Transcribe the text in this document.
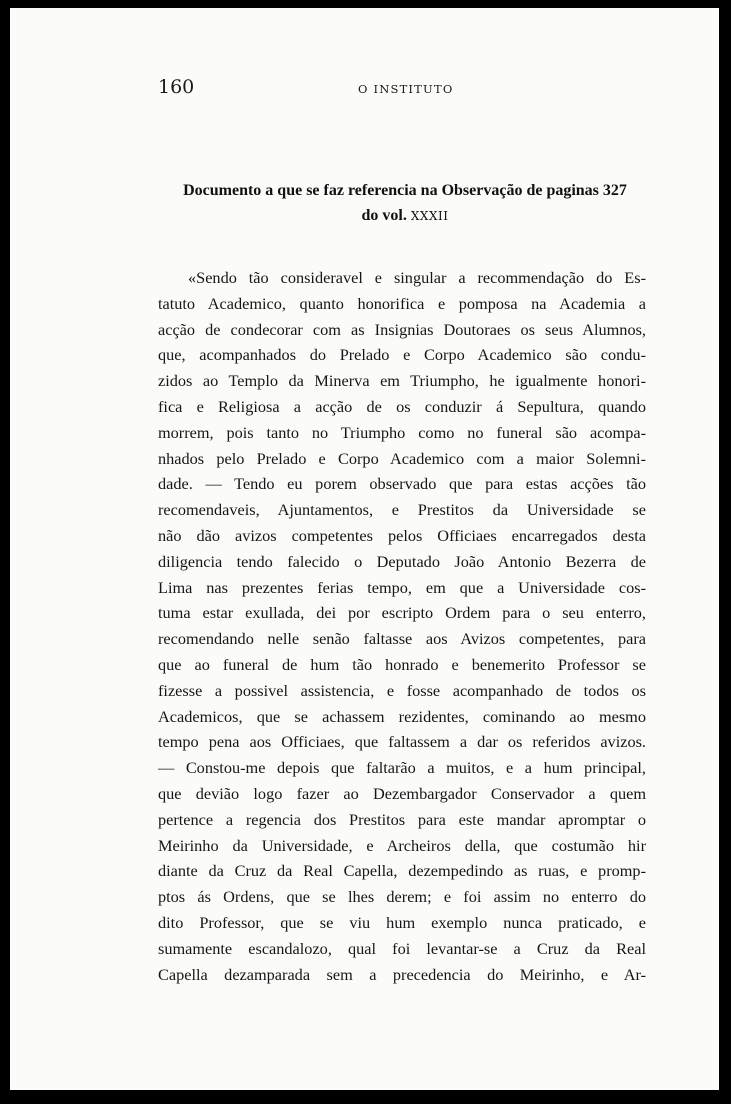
160	O INSTITUTO
Documento a que se faz referencia na Observação de paginas 327
do vol. XXXII
«Sendo tão consideravel e singular a recommendação do Es-
tatuto Academico, quanto honorifica e pomposa na Academia a
acção de condecorar com as Insignias Doutoraes os seus Alumnos,
que, acompanhados do Prelado e Corpo Academico são condu-
zidos ao Templo da Minerva em Triumpho, he igualmente honori-
fica e Religiosa a acção de os conduzir á Sepultura, quando
morrem, pois tanto no Triumpho como no funeral são acompa-
nhados pelo Prelado e Corpo Academico com a maior Solemni-
dade. — Tendo eu porem observado que para estas acções tão
recomendaveis, Ajuntamentos, e Prestitos da Universidade se
não dão avizos competentes pelos Officiaes encarregados desta
diligencia tendo falecido o Deputado João Antonio Bezerra de
Lima nas prezentes ferias tempo, em que a Universidade cos-
tuma estar exullada, dei por escripto Ordem para o seu enterro,
recomendando nelle senão faltasse aos Avizos competentes, para
que ao funeral de hum tão honrado e benemerito Professor se
fizesse a possivel assistencia, e fosse acompanhado de todos os
Academicos, que se achassem rezidentes, cominando ao mesmo
tempo pena aos Officiaes, que faltassem a dar os referidos avizos.
— Constou-me depois que faltarão a muitos, e a hum principal,
que devião logo fazer ao Dezembargador Conservador a quem
pertence a regencia dos Prestitos para este mandar apromptar o
Meirinho da Universidade, e Archeiros della, que costumão hir
diante da Cruz da Real Capella, dezempedindo as ruas, e promp-
ptos ás Ordens, que se lhes derem; e foi assim no enterro do
dito Professor, que se viu hum exemplo nunca praticado, e
sumamente escandalozo, qual foi levantar-se a Cruz da Real
Capella dezamparada sem a precedencia do Meirinho, e Ar-
